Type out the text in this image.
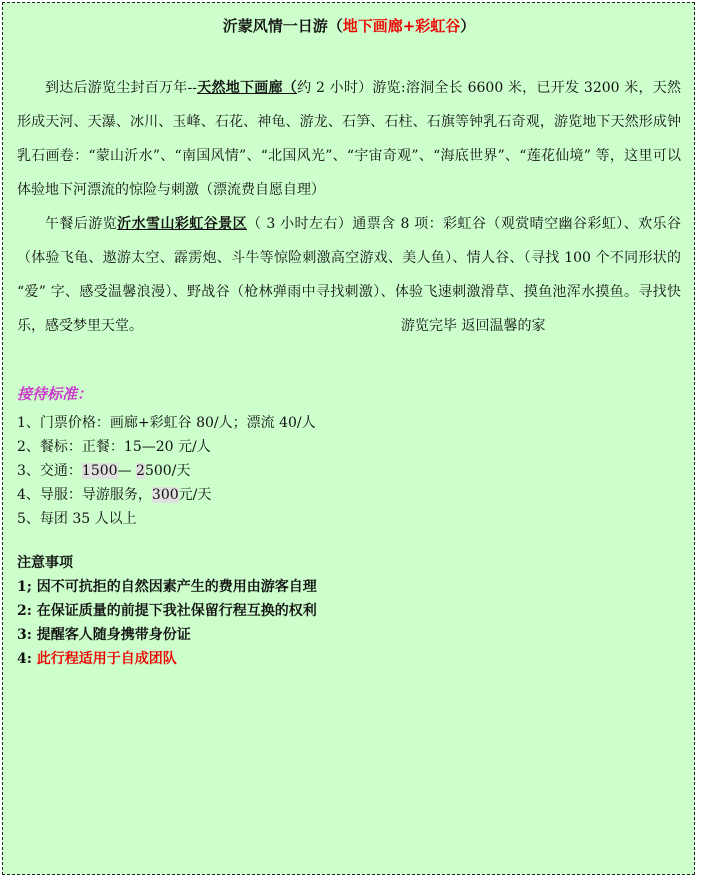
沂蒙风情一日游（地下画廊+彩虹谷）

到达后游览尘封百万年--天然地下画廊（约 2 小时）游览:溶洞全长 6600 米，已开发 3200 米，天然形成天河、天瀑、冰川、玉峰、石花、神龟、游龙、石笋、石柱、石旗等钟乳石奇观，游览地下天然形成钟乳石画卷：“蒙山沂水”、“南国风情”、“北国风光”、“宇宙奇观”、“海底世界”、“莲花仙境” 等，这里可以体验地下河漂流的惊险与刺激（漂流费自愿自理）

午餐后游览沂水雪山彩虹谷景区（ 3 小时左右）通票含 8 项：彩虹谷（观赏晴空幽谷彩虹）、欢乐谷（体验飞龟、遨游太空、霹雳炮、斗牛等惊险刺激高空游戏、美人鱼）、情人谷、（寻找 100 个不同形状的 “爱” 字、感受温馨浪漫）、野战谷（枪林弹雨中寻找刺激）、体验飞速刺激滑草、摸鱼池浑水摸鱼。寻找快乐，感受梦里天堂。	游览完毕 返回温馨的家

接待标准：
1、门票价格：画廊+彩虹谷 80/人；漂流 40/人
2、餐标：正餐：15—20 元/人
3、交通：1500— 2500/天
4、导服：导游服务，300元/天
5、每团 35 人以上
注意事项
1; 因不可抗拒的自然因素产生的费用由游客自理
2: 在保证质量的前提下我社保留行程互换的权利
3: 提醒客人随身携带身份证
4: 此行程适用于自成团队
